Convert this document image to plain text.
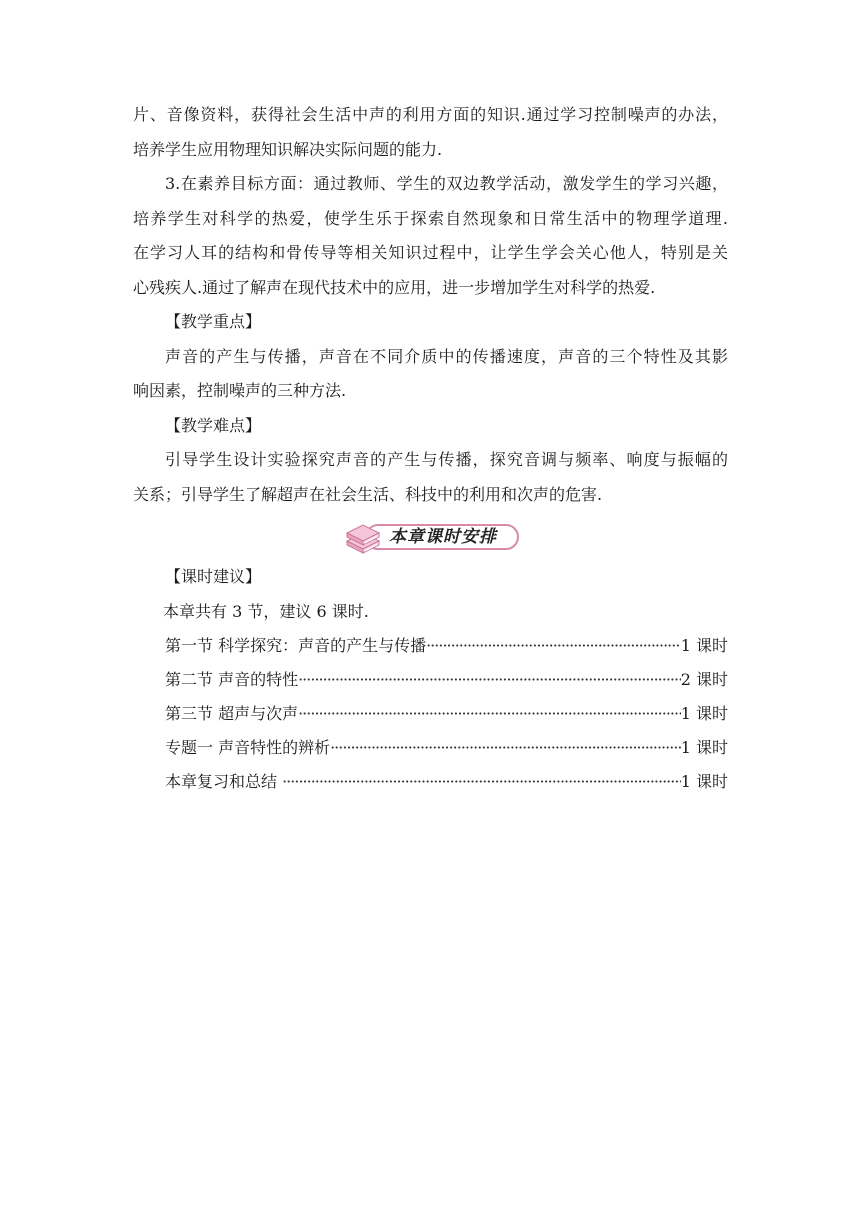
片、音像资料，获得社会生活中声的利用方面的知识.通过学习控制噪声的办法，
培养学生应用物理知识解决实际问题的能力.
3.在素养目标方面：通过教师、学生的双边教学活动，激发学生的学习兴趣，
培养学生对科学的热爱，使学生乐于探索自然现象和日常生活中的物理学道理.
在学习人耳的结构和骨传导等相关知识过程中，让学生学会关心他人，特别是关
心残疾人.通过了解声在现代技术中的应用，进一步增加学生对科学的热爱.
【教学重点】
声音的产生与传播，声音在不同介质中的传播速度，声音的三个特性及其影
响因素，控制噪声的三种方法.
【教学难点】
引导学生设计实验探究声音的产生与传播，探究音调与频率、响度与振幅的
关系；引导学生了解超声在社会生活、科技中的利用和次声的危害.
本章课时安排
【课时建议】
本章共有 3 节，建议 6 课时.
第一节 科学探究：声音的产生与传播 ·····	1 课时
第二节 声音的特性 ·····	2 课时
第三节 超声与次声 ·····	1 课时
专题一 声音特性的辨析 ·····	1 课时
本章复习和总结 ·····	1 课时
